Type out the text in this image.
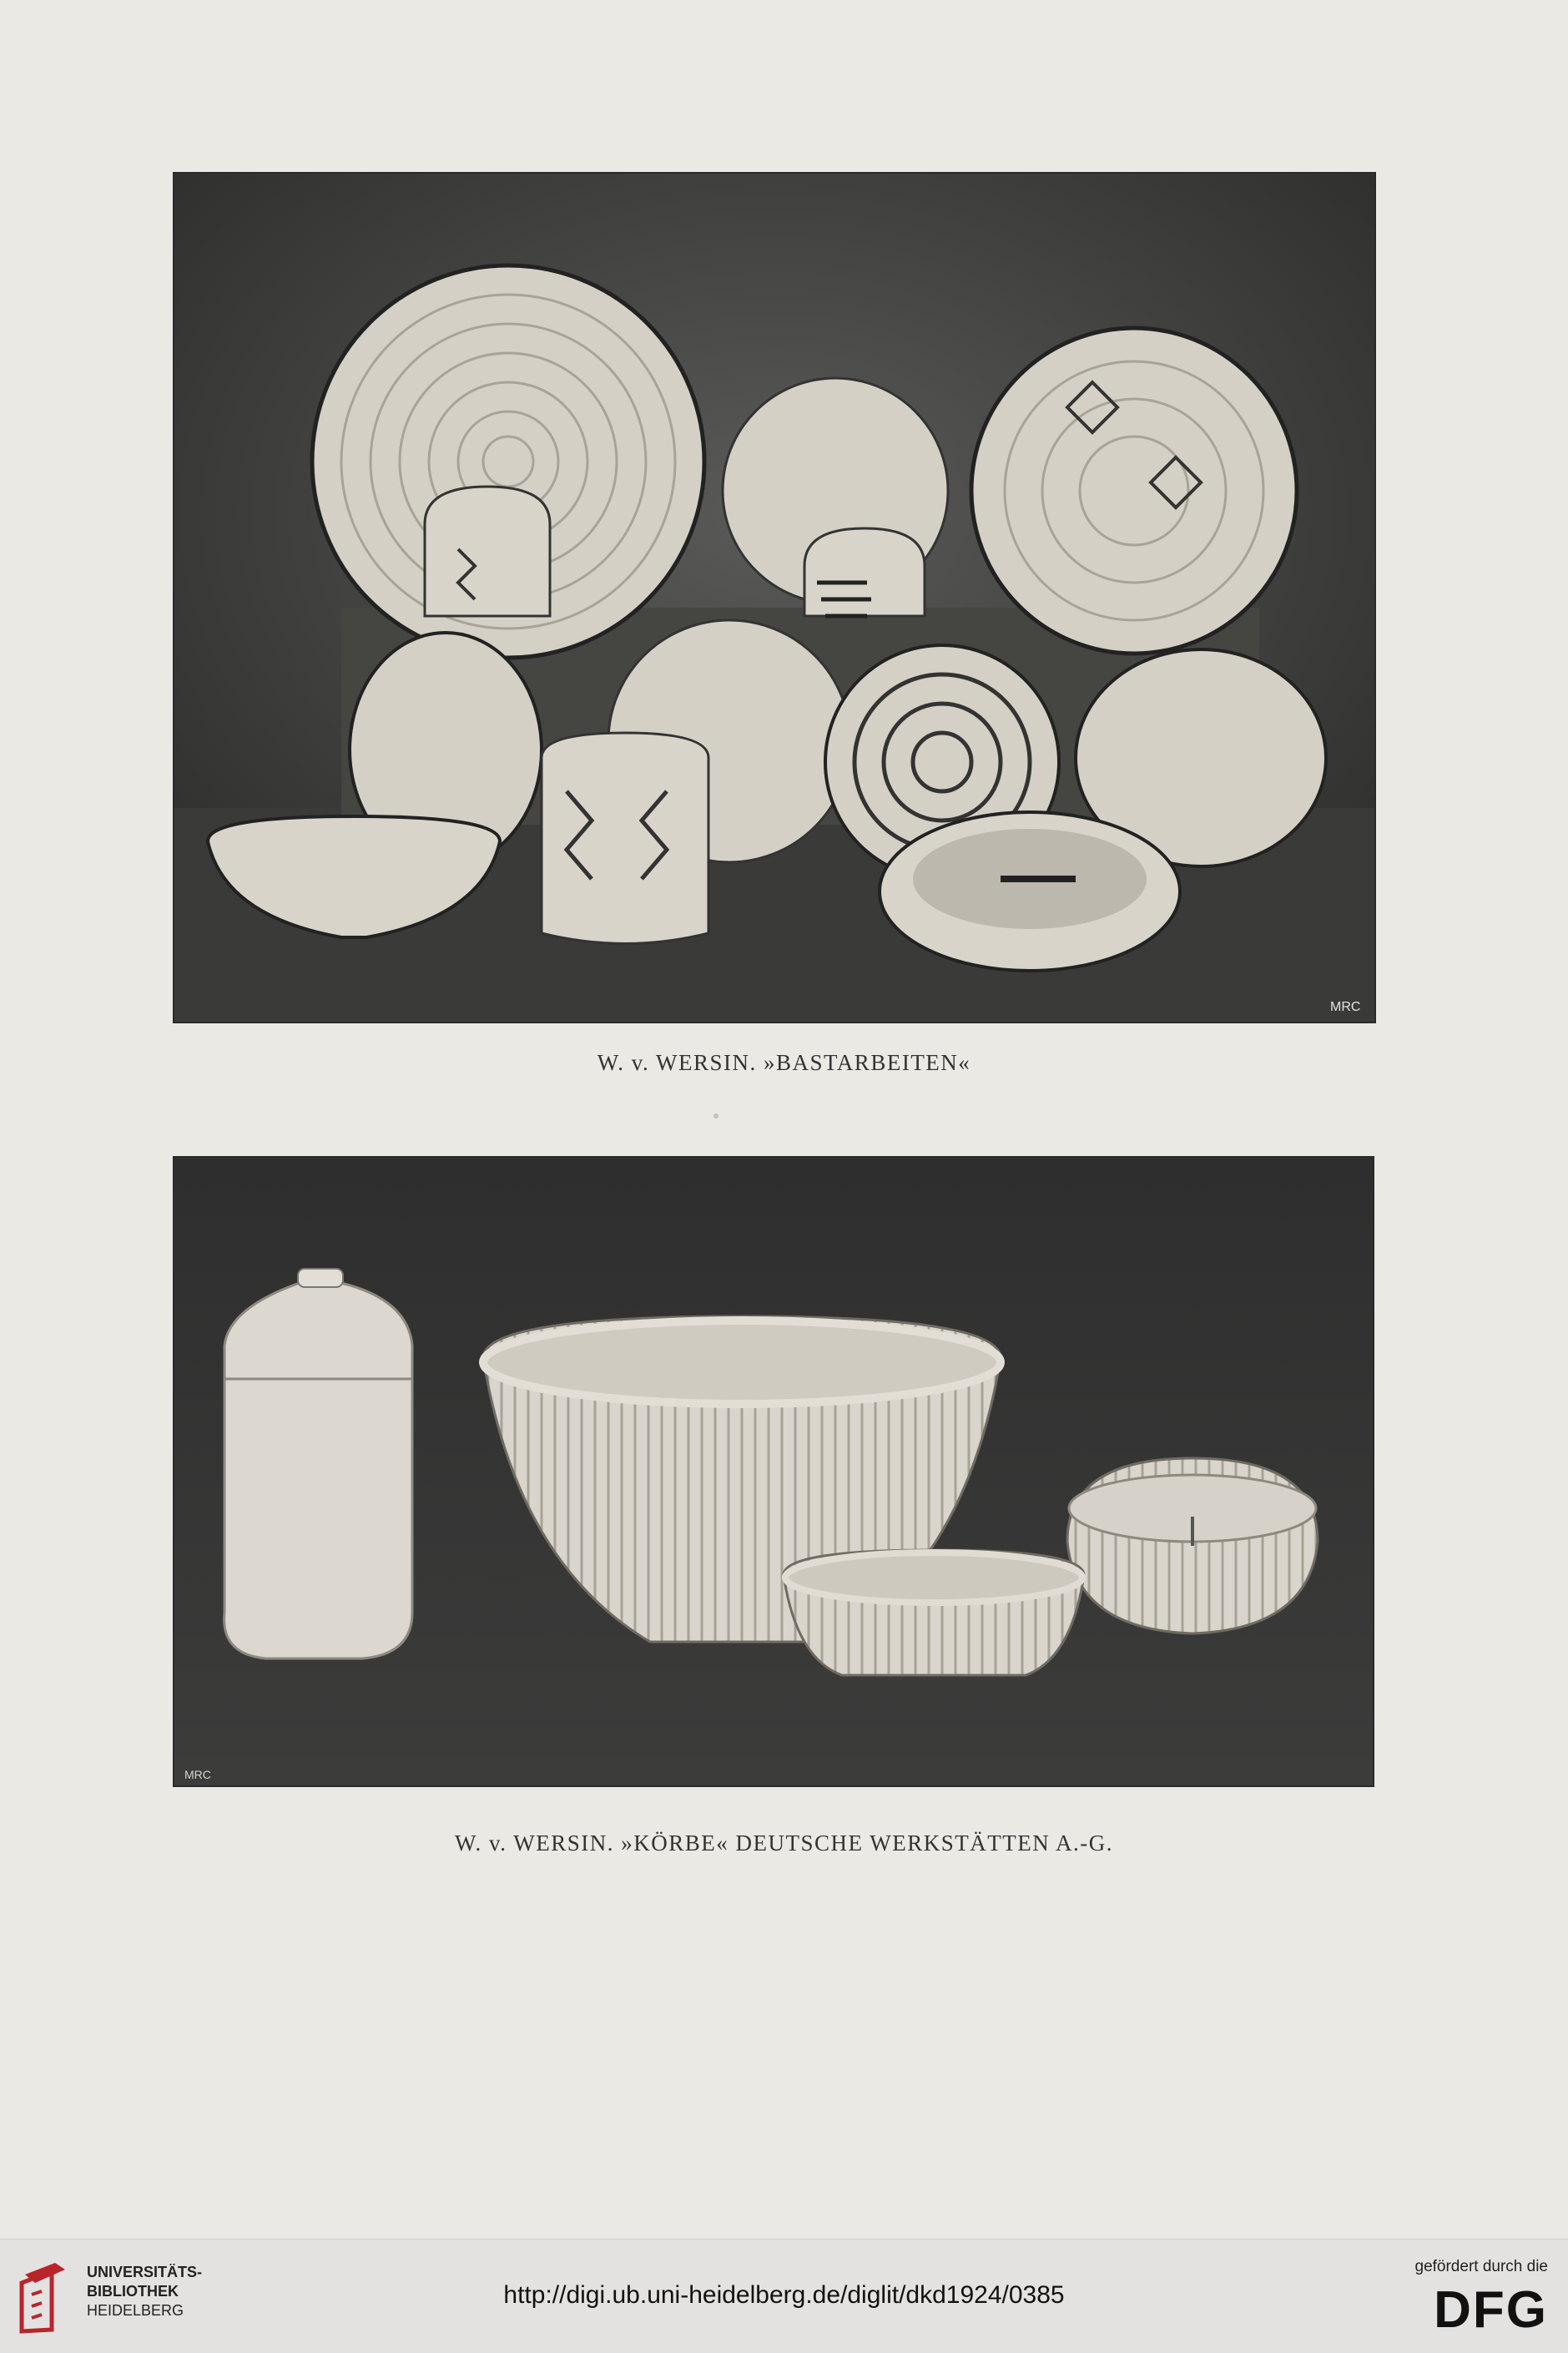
MRC
W. v. WERSIN. »BASTARBEITEN«
MRC
W. v. WERSIN. »KÖRBE« DEUTSCHE WERKSTÄTTEN A.-G.
UNIVERSITÄTS-
BIBLIOTHEK
HEIDELBERG
http://digi.ub.uni-heidelberg.de/diglit/dkd1924/0385
gefördert durch die
DFG
